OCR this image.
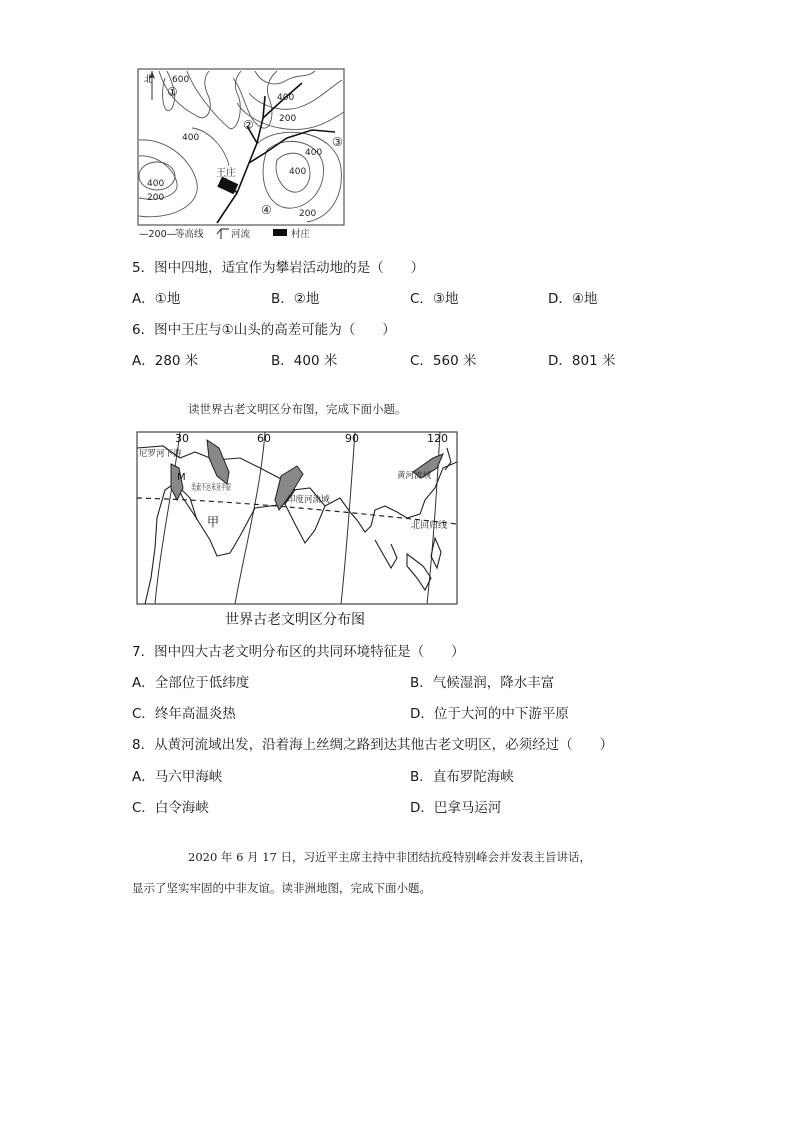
北 600
①	400
②	200
400	③
400
王庄
400
400
200
④	200
—200—
等高线	河流	村庄
5．图中四地，适宜作为攀岩活动地的是（　　）
A．①地	B．②地	C．③地	D．④地
6．图中王庄与①山头的高差可能为（　　）
A．280 米	B．400 米	C．560 米	D．801 米
读世界古老文明区分布图，完成下面小题。
30	60	90	120
尼罗河下游
美索不达米亚平原
印度河流域
黄河流域
北回归线
M
甲
世界古老文明区分布图
7．图中四大古老文明分布区的共同环境特征是（　　）
A．全部位于低纬度	B．气候湿润，降水丰富
C．终年高温炎热	D．位于大河的中下游平原
8．从黄河流域出发，沿着海上丝绸之路到达其他古老文明区，必须经过（　　）
A．马六甲海峡	B．直布罗陀海峡
C．白令海峡	D．巴拿马运河
2020 年 6 月 17 日，习近平主席主持中非团结抗疫特别峰会并发表主旨讲话，
显示了坚实牢固的中非友谊。读非洲地图，完成下面小题。
